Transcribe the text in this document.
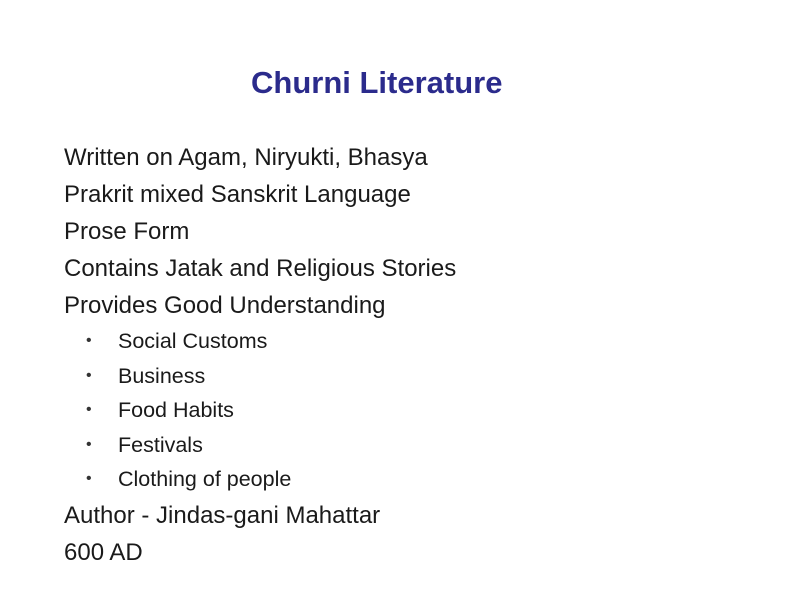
Churni Literature
Written on Agam, Niryukti, Bhasya
Prakrit mixed Sanskrit Language
Prose Form
Contains Jatak and Religious Stories
Provides Good Understanding
•	Social Customs
•	Business
•	Food Habits
•	Festivals
•	Clothing of people
Author - Jindas-gani Mahattar
600 AD
